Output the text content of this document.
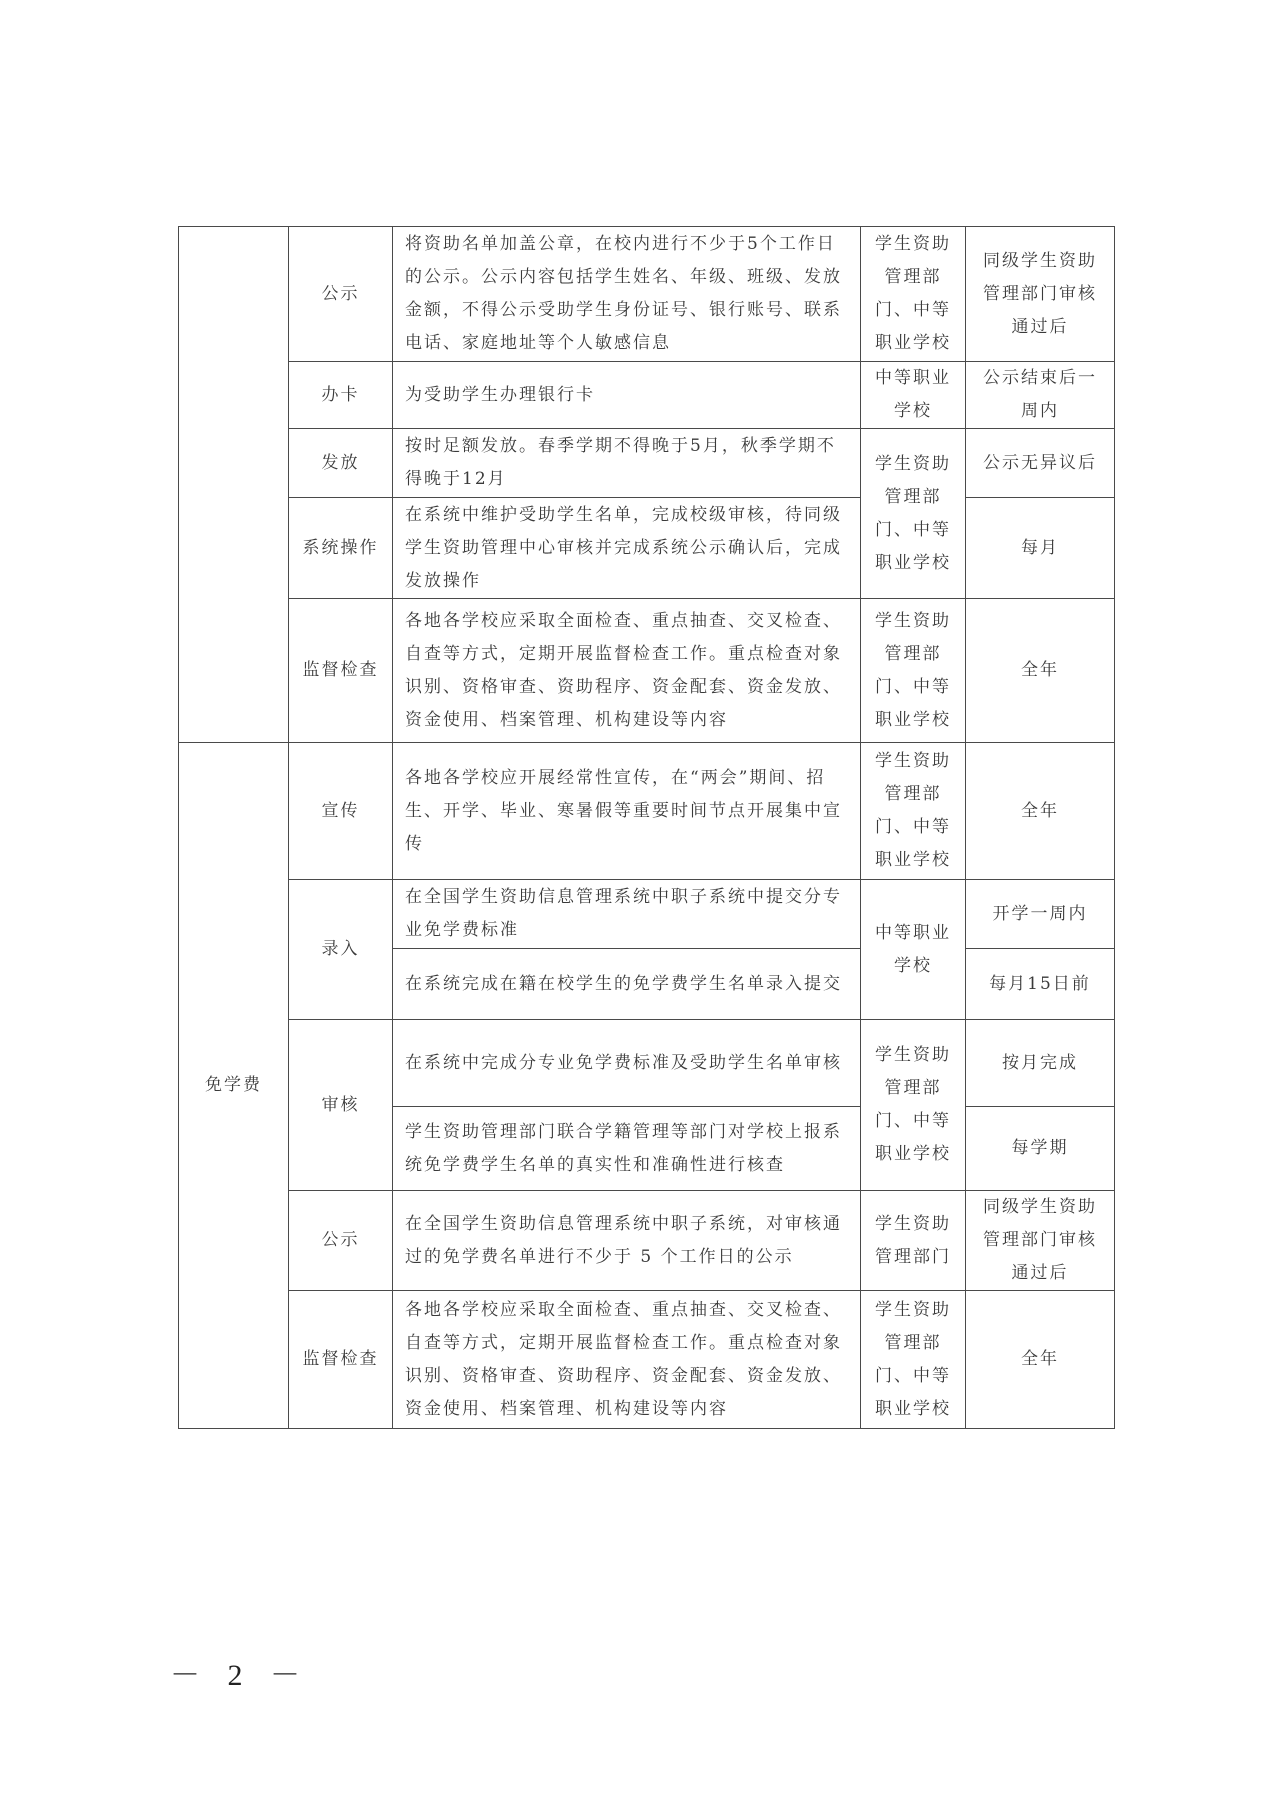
	公示	将资助名单加盖公章，在校内进行不少于5个工作日的公示。公示内容包括学生姓名、年级、班级、发放金额，不得公示受助学生身份证号、银行账号、联系电话、家庭地址等个人敏感信息	学生资助
管理部
门、中等
职业学校	同级学生资助
管理部门审核
通过后

	办卡	为受助学生办理银行卡	中等职业
学校	公示结束后一
周内

	发放	按时足额发放。春季学期不得晚于5月，秋季学期不得晚于12月	学生资助
管理部
门、中等
职业学校	公示无异议后

	系统操作	在系统中维护受助学生名单，完成校级审核，待同级学生资助管理中心审核并完成系统公示确认后，完成发放操作		每月

	监督检查	各地各学校应采取全面检查、重点抽查、交叉检查、自查等方式，定期开展监督检查工作。重点检查对象识别、资格审查、资助程序、资金配套、资金发放、资金使用、档案管理、机构建设等内容	学生资助
管理部
门、中等
职业学校	全年

免学费	宣传	各地各学校应开展经常性宣传，在“两会”期间、招生、开学、毕业、寒暑假等重要时间节点开展集中宣传	学生资助
管理部
门、中等
职业学校	全年

	录入	在全国学生资助信息管理系统中职子系统中提交分专业免学费标准	中等职业
学校	开学一周内

		在系统完成在籍在校学生的免学费学生名单录入提交		每月15日前

	审核	在系统中完成分专业免学费标准及受助学生名单审核	学生资助
管理部
门、中等
职业学校	按月完成

		学生资助管理部门联合学籍管理等部门对学校上报系统免学费学生名单的真实性和准确性进行核查		每学期

	公示	在全国学生资助信息管理系统中职子系统，对审核通过的免学费名单进行不少于 5 个工作日的公示	学生资助
管理部门	同级学生资助
管理部门审核
通过后

	监督检查	各地各学校应采取全面检查、重点抽查、交叉检查、自查等方式，定期开展监督检查工作。重点检查对象识别、资格审查、资助程序、资金配套、资金发放、资金使用、档案管理、机构建设等内容	学生资助
管理部
门、中等
职业学校	全年
－ 2 －
